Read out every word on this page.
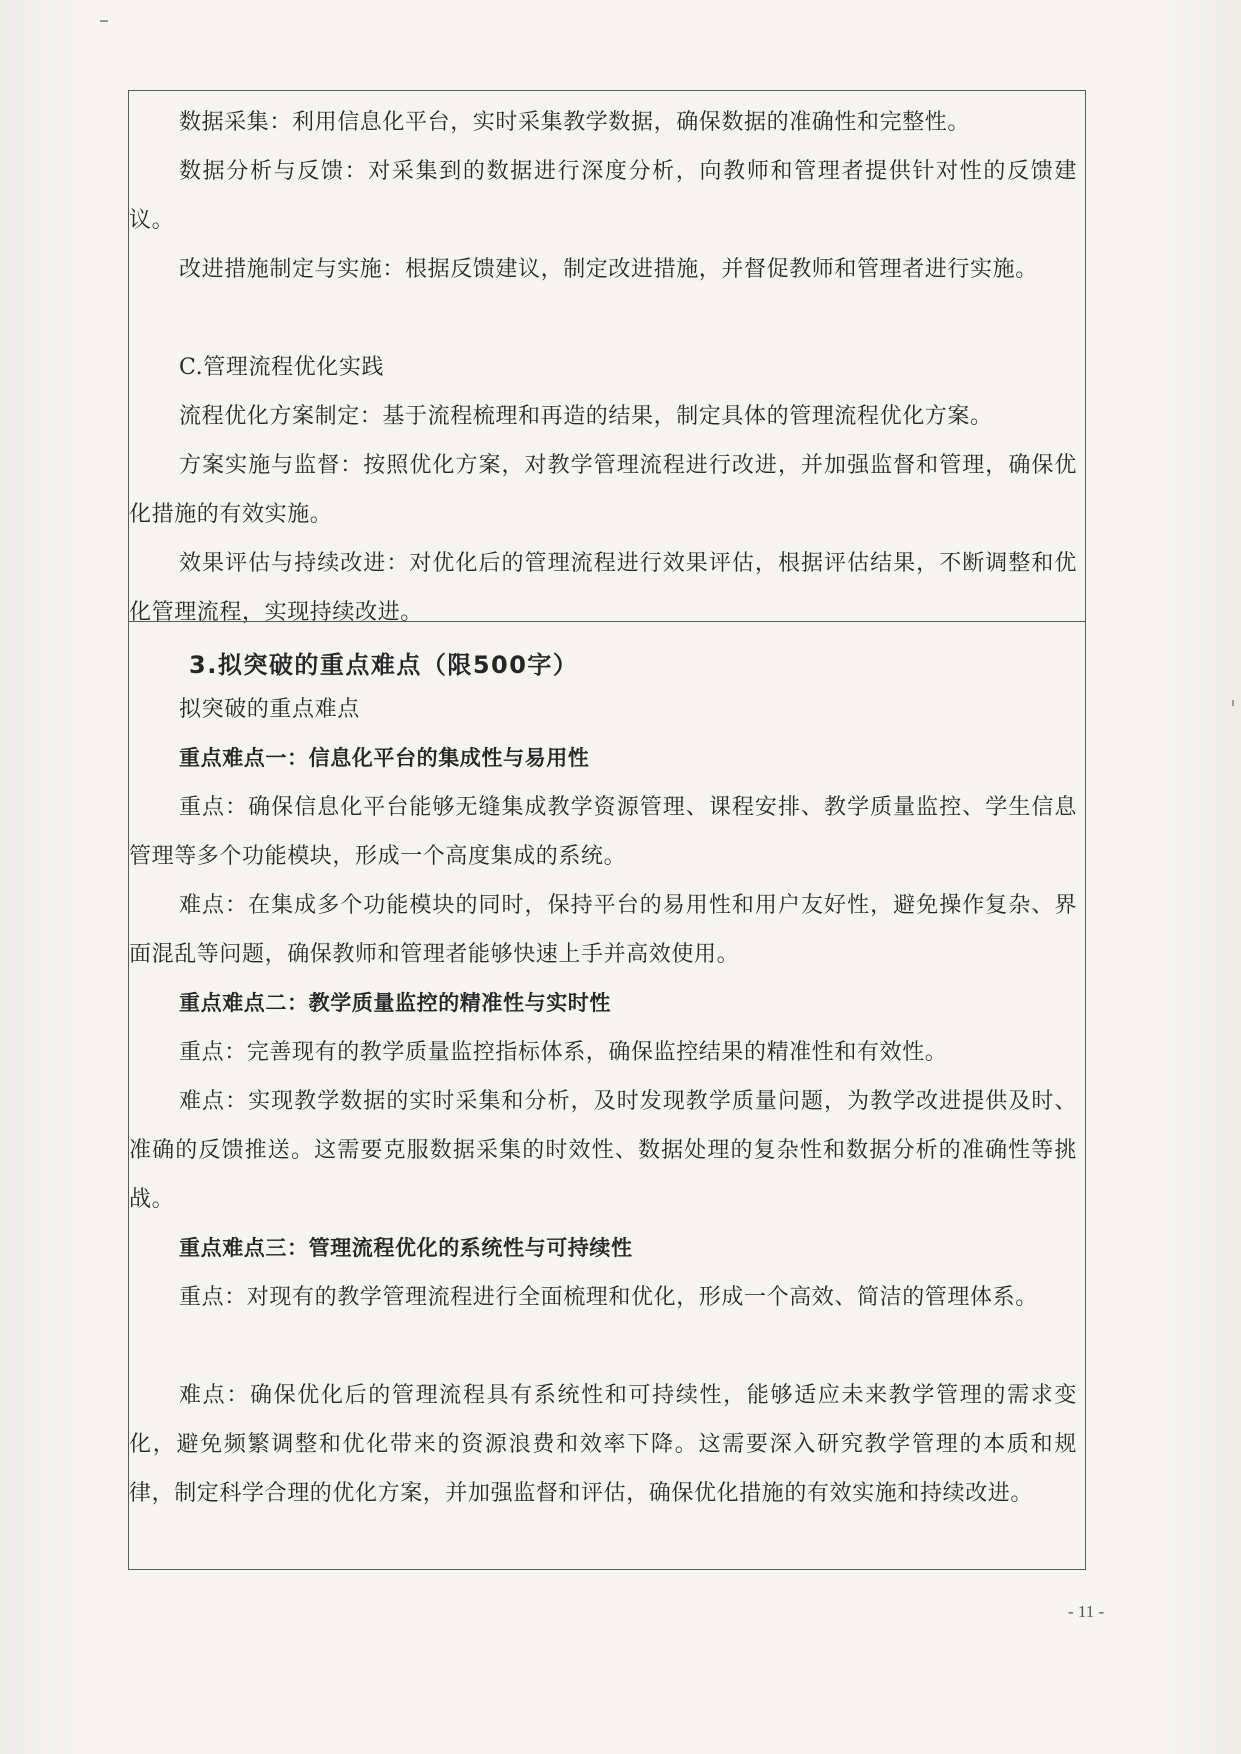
数据采集：利用信息化平台，实时采集教学数据，确保数据的准确性和完整性。

数据分析与反馈：对采集到的数据进行深度分析，向教师和管理者提供针对性的反馈建议。

改进措施制定与实施：根据反馈建议，制定改进措施，并督促教师和管理者进行实施。

C.管理流程优化实践

流程优化方案制定：基于流程梳理和再造的结果，制定具体的管理流程优化方案。

方案实施与监督：按照优化方案，对教学管理流程进行改进，并加强监督和管理，确保优化措施的有效实施。

效果评估与持续改进：对优化后的管理流程进行效果评估，根据评估结果，不断调整和优化管理流程，实现持续改进。

3.拟突破的重点难点（限500字）

拟突破的重点难点

重点难点一：信息化平台的集成性与易用性

重点：确保信息化平台能够无缝集成教学资源管理、课程安排、教学质量监控、学生信息管理等多个功能模块，形成一个高度集成的系统。

难点：在集成多个功能模块的同时，保持平台的易用性和用户友好性，避免操作复杂、界面混乱等问题，确保教师和管理者能够快速上手并高效使用。

重点难点二：教学质量监控的精准性与实时性

重点：完善现有的教学质量监控指标体系，确保监控结果的精准性和有效性。

难点：实现教学数据的实时采集和分析，及时发现教学质量问题，为教学改进提供及时、准确的反馈推送。这需要克服数据采集的时效性、数据处理的复杂性和数据分析的准确性等挑战。

重点难点三：管理流程优化的系统性与可持续性

重点：对现有的教学管理流程进行全面梳理和优化，形成一个高效、简洁的管理体系。

难点：确保优化后的管理流程具有系统性和可持续性，能够适应未来教学管理的需求变化，避免频繁调整和优化带来的资源浪费和效率下降。这需要深入研究教学管理的本质和规律，制定科学合理的优化方案，并加强监督和评估，确保优化措施的有效实施和持续改进。

- 11 -
